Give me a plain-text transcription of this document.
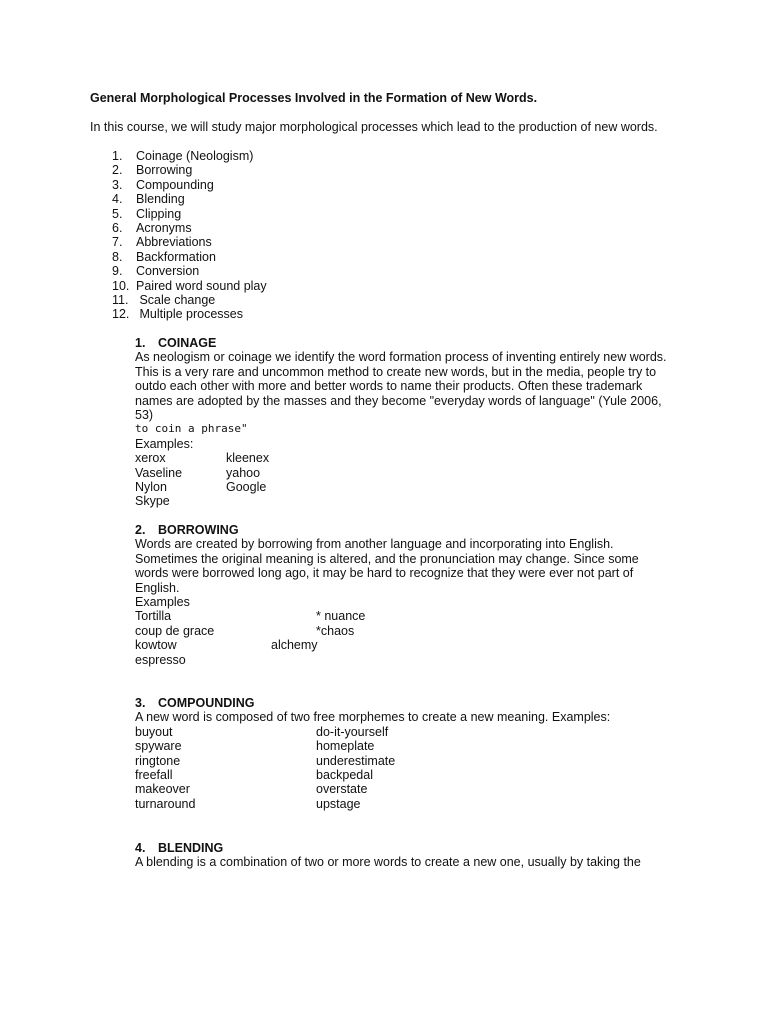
General Morphological Processes Involved in the Formation of New Words.
In this course, we will study major morphological processes which lead to the production of new words.
1. Coinage (Neologism)
2. Borrowing
3. Compounding
4. Blending
5. Clipping
6. Acronyms
7. Abbreviations
8. Backformation
9. Conversion
10. Paired word sound play
11. Scale change
12. Multiple processes
1. COINAGE
As neologism or coinage we identify the word formation process of inventing entirely new words.
This is a very rare and uncommon method to create new words, but in the media, people try to
outdo each other with more and better words to name their products. Often these trademark
names are adopted by the masses and they become "everyday words of language" (Yule 2006,
53)
to coin a phrase"
Examples:
xerox	kleenex
Vaseline	yahoo
Nylon	Google
Skype
2. BORROWING
Words are created by borrowing from another language and incorporating into English.
Sometimes the original meaning is altered, and the pronunciation may change. Since some
words were borrowed long ago, it may be hard to recognize that they were ever not part of
English.
Examples
Tortilla	* nuance
coup de grace	*chaos
kowtow	alchemy
espresso
3. COMPOUNDING
A new word is composed of two free morphemes to create a new meaning. Examples:
buyout	do-it-yourself
spyware	homeplate
ringtone	underestimate
freefall	backpedal
makeover	overstate
turnaround	upstage
4. BLENDING
A blending is a combination of two or more words to create a new one, usually by taking the
